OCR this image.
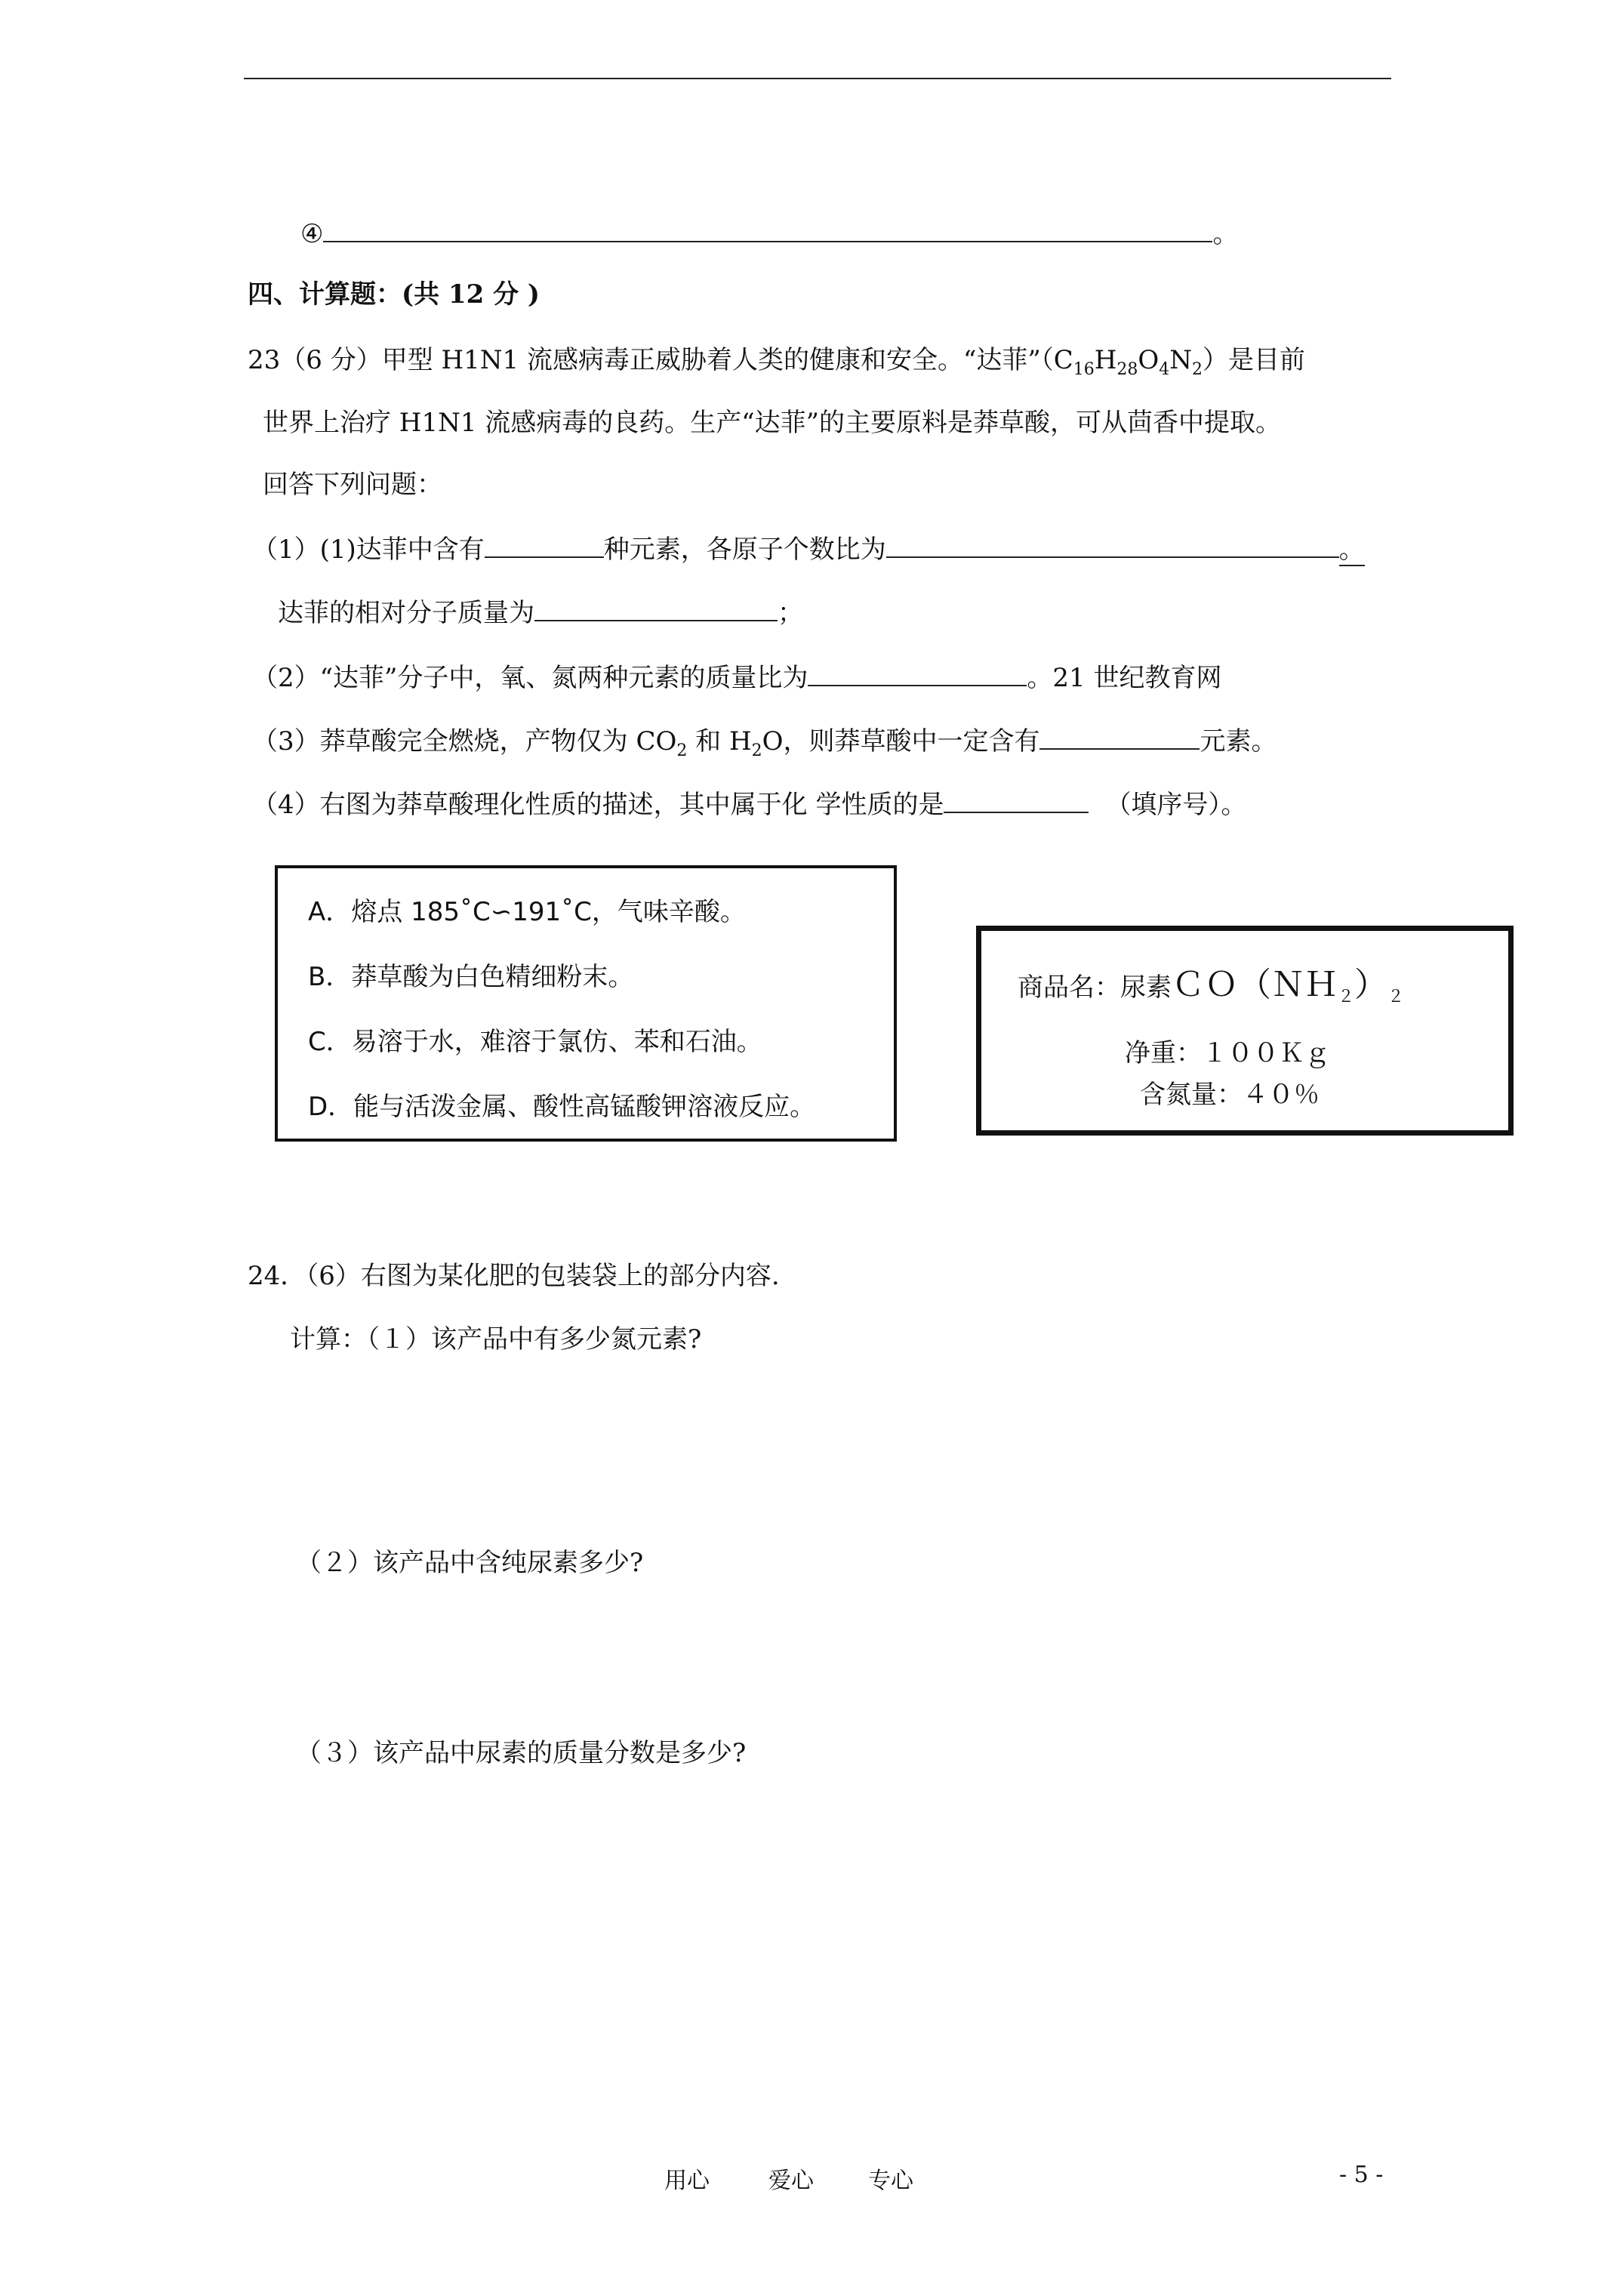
④	。
四、计算题：(共 12 分 )
23（6 分）甲型 H1N1 流感病毒正威胁着人类的健康和安全。“达菲$”(C_{16}H_{28}O_4N_2)$是目前
世界上治疗 H1N1 流感病毒的良药。生产“达菲”的主要原料是莽草酸，可从茴香中提取。
回答下列问题：
（1）(1)达菲中含有	种元素，各原子个数比为	。
达菲的相对分子质量为	；
（2）“达菲”分子中，氧、氮两种元素的质量比为	。21 世纪教育网
（3）莽草酸完全燃烧，产物仅为 $CO_2$ 和 $H_2O$，则莽草酸中一定含有	元素。
（4）右图为莽草酸理化性质的描述，其中属于化 学性质的是	（填序号）。
A．熔点 185˚C∽191˚C，气味辛酸。
B．莽草酸为白色精细粉末。
C．易溶于水，难溶于氯仿、苯和石油。
D．能与活泼金属、酸性高锰酸钾溶液反应。
商品名：尿素$CO(NH_2)_2$
净重：１００Ｋｇ
含氮量：４０％
24．（6）右图为某化肥的包装袋上的部分内容.
计算：（１）该产品中有多少氮元素?
（２）该产品中含纯尿素多少?
（３）该产品中尿素的质量分数是多少?
用心	爱心 专心	- 5 -
